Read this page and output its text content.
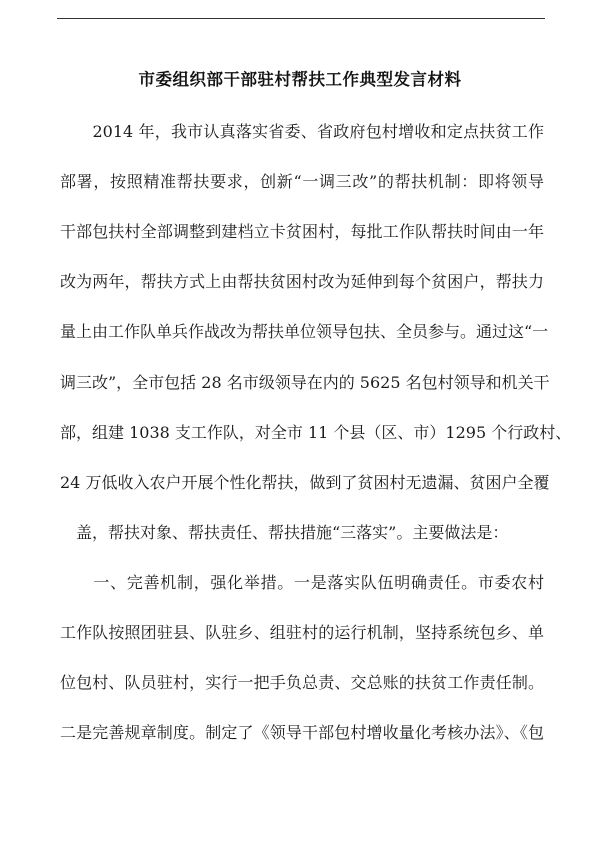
市委组织部干部驻村帮扶工作典型发言材料
　　2014 年，我市认真落实省委、省政府包村增收和定点扶贫工作
部署，按照精准帮扶要求，创新“一调三改”的帮扶机制：即将领导
干部包扶村全部调整到建档立卡贫困村，每批工作队帮扶时间由一年
改为两年，帮扶方式上由帮扶贫困村改为延伸到每个贫困户，帮扶力
量上由工作队单兵作战改为帮扶单位领导包扶、全员参与。通过这“一
调三改”，全市包括 28 名市级领导在内的 5625 名包村领导和机关干
部，组建 1038 支工作队，对全市 11 个县（区、市）1295 个行政村、
24 万低收入农户开展个性化帮扶，做到了贫困村无遗漏、贫困户全覆
　盖，帮扶对象、帮扶责任、帮扶措施“三落实”。主要做法是：
　　一、完善机制，强化举措。一是落实队伍明确责任。市委农村
工作队按照团驻县、队驻乡、组驻村的运行机制，坚持系统包乡、单
位包村、队员驻村，实行一把手负总责、交总账的扶贫工作责任制。
二是完善规章制度。制定了《领导干部包村增收量化考核办法》、《包
